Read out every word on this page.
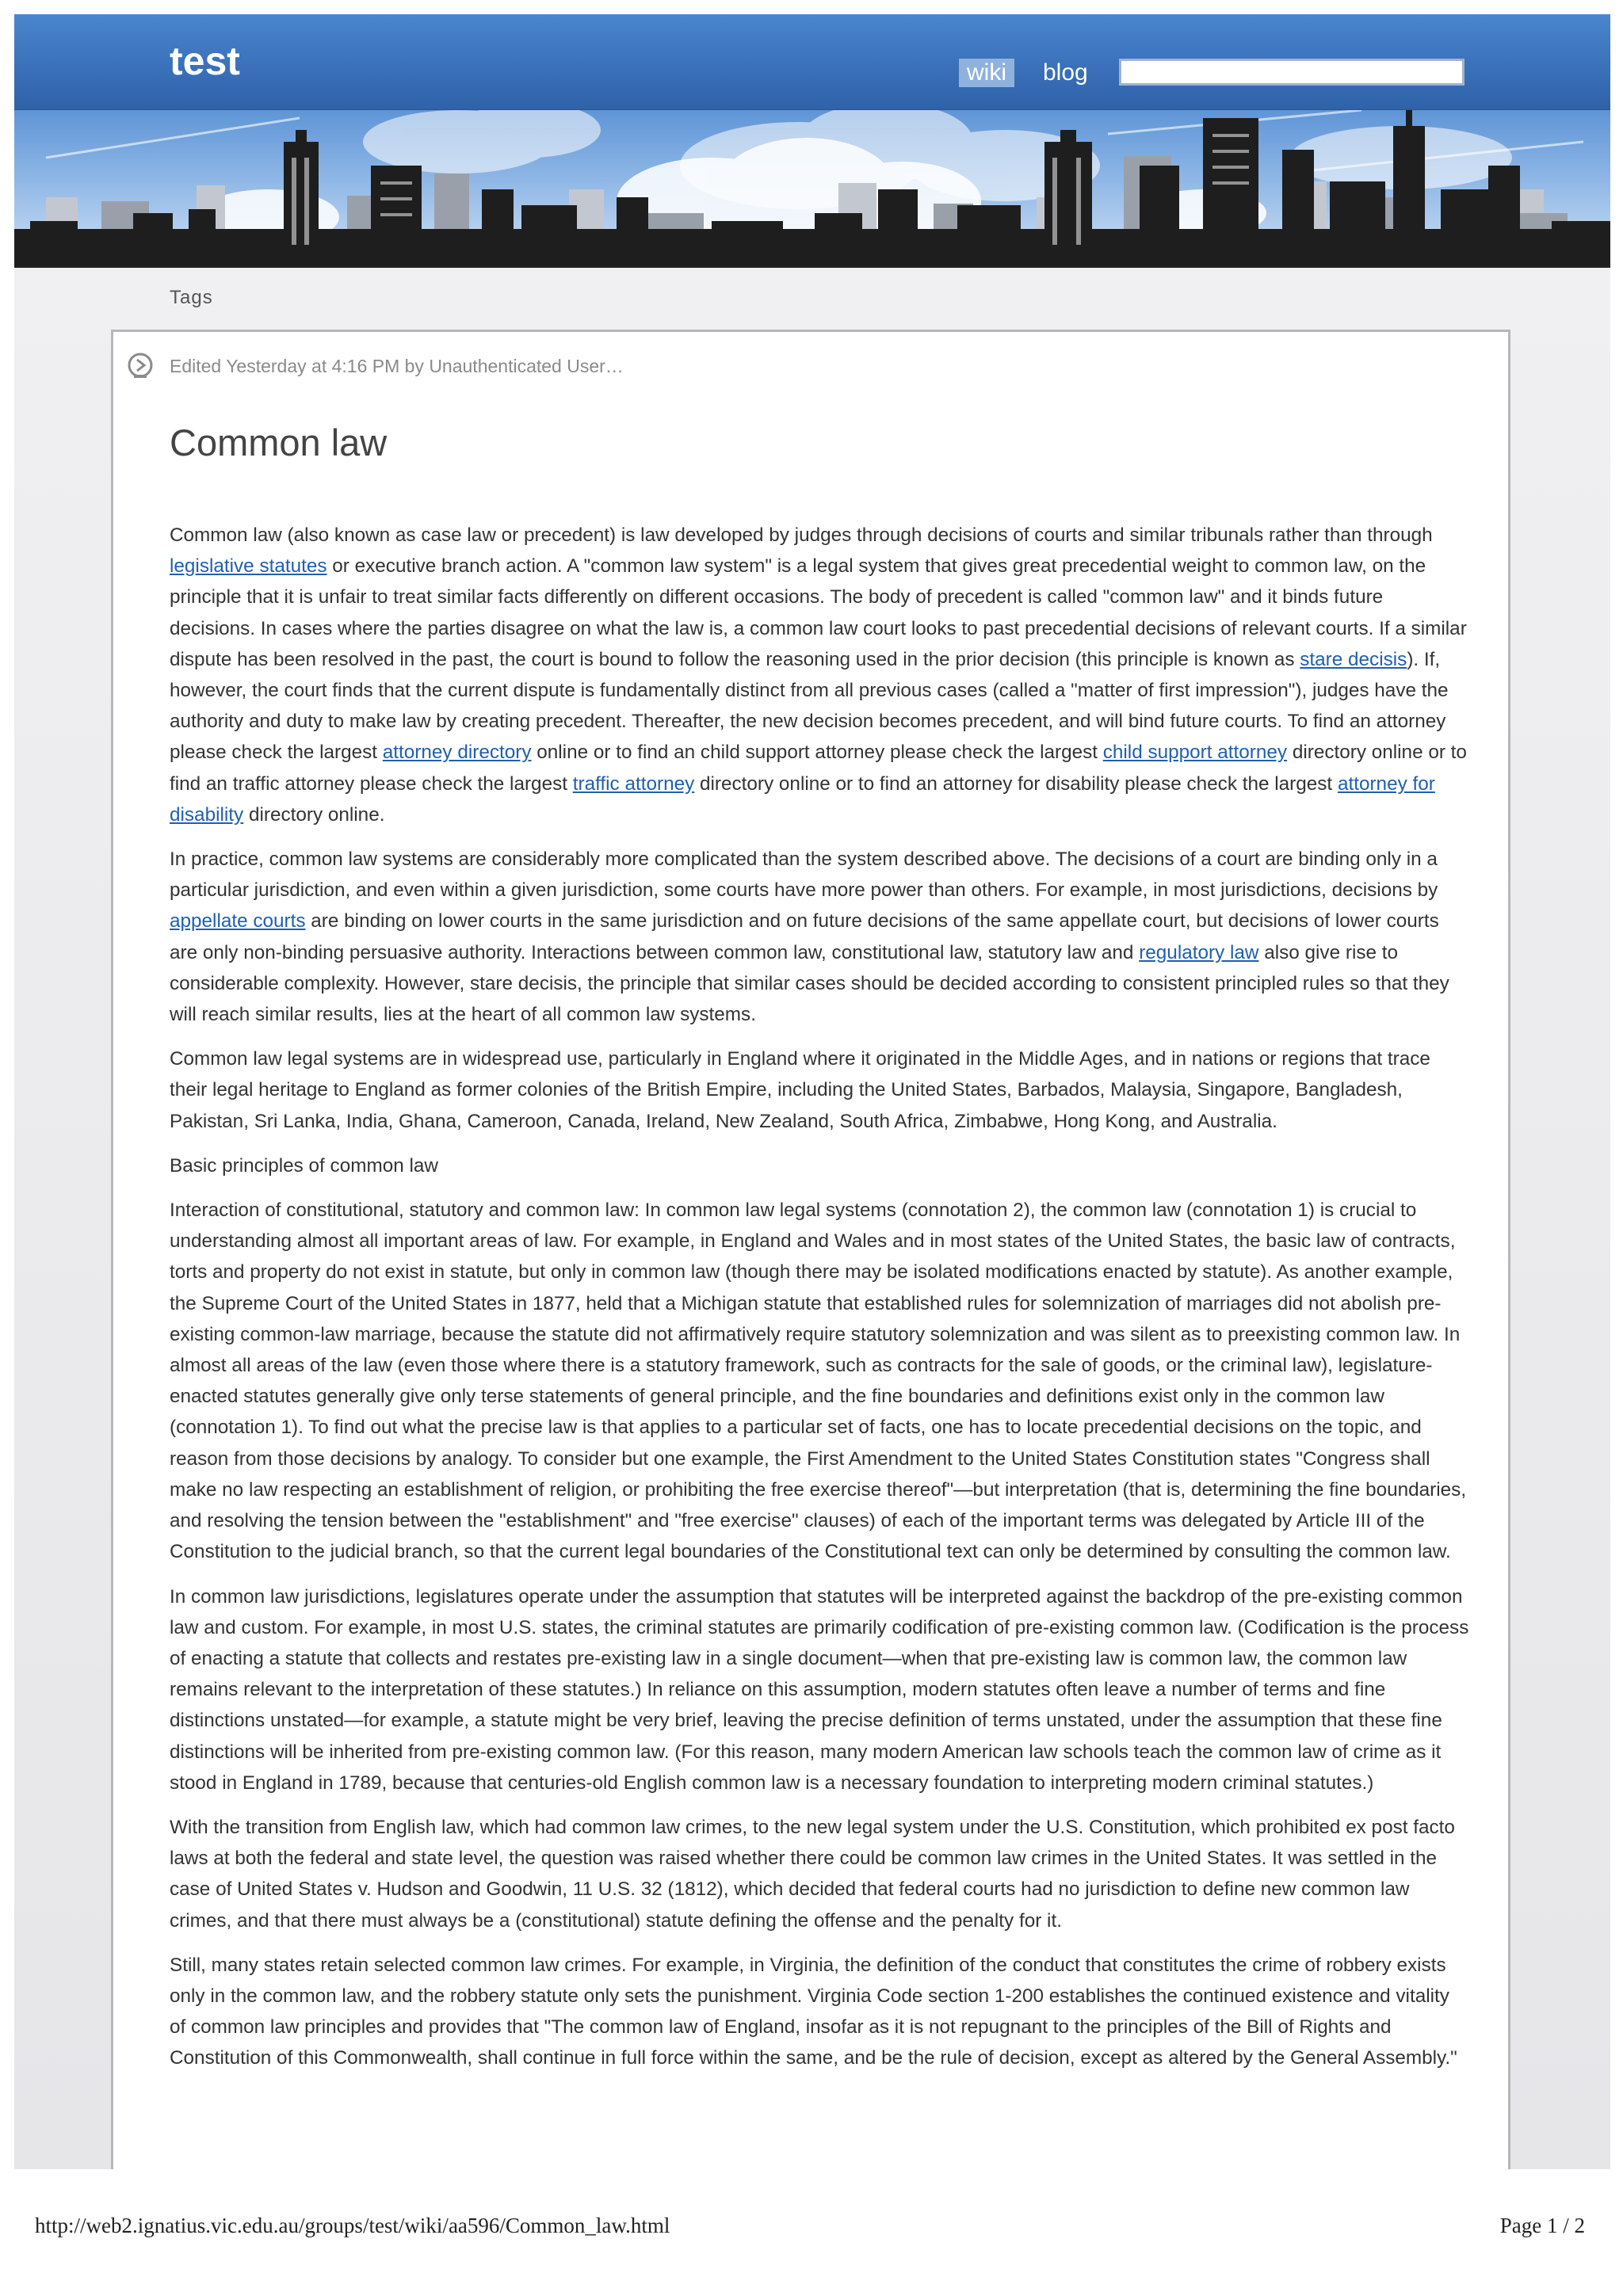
test	wiki	blog
Tags
Edited Yesterday at 4:16 PM by Unauthenticated User…
Common law

Common law (also known as case law or precedent) is law developed by judges through decisions of courts and similar tribunals rather than through legislative statutes or executive branch action. A "common law system" is a legal system that gives great precedential weight to common law, on the principle that it is unfair to treat similar facts differently on different occasions. The body of precedent is called "common law" and it binds future decisions. In cases where the parties disagree on what the law is, a common law court looks to past precedential decisions of relevant courts. If a similar dispute has been resolved in the past, the court is bound to follow the reasoning used in the prior decision (this principle is known as stare decisis). If, however, the court finds that the current dispute is fundamentally distinct from all previous cases (called a "matter of first impression"), judges have the authority and duty to make law by creating precedent. Thereafter, the new decision becomes precedent, and will bind future courts. To find an attorney please check the largest attorney directory online or to find an child support attorney please check the largest child support attorney directory online or to find an traffic attorney please check the largest traffic attorney directory online or to find an attorney for disability please check the largest attorney for disability directory online.

In practice, common law systems are considerably more complicated than the system described above. The decisions of a court are binding only in a particular jurisdiction, and even within a given jurisdiction, some courts have more power than others. For example, in most jurisdictions, decisions by appellate courts are binding on lower courts in the same jurisdiction and on future decisions of the same appellate court, but decisions of lower courts are only non-binding persuasive authority. Interactions between common law, constitutional law, statutory law and regulatory law also give rise to considerable complexity. However, stare decisis, the principle that similar cases should be decided according to consistent principled rules so that they will reach similar results, lies at the heart of all common law systems.

Common law legal systems are in widespread use, particularly in England where it originated in the Middle Ages, and in nations or regions that trace their legal heritage to England as former colonies of the British Empire, including the United States, Barbados, Malaysia, Singapore, Bangladesh, Pakistan, Sri Lanka, India, Ghana, Cameroon, Canada, Ireland, New Zealand, South Africa, Zimbabwe, Hong Kong, and Australia.

Basic principles of common law

Interaction of constitutional, statutory and common law: In common law legal systems (connotation 2), the common law (connotation 1) is crucial to understanding almost all important areas of law. For example, in England and Wales and in most states of the United States, the basic law of contracts, torts and property do not exist in statute, but only in common law (though there may be isolated modifications enacted by statute). As another example, the Supreme Court of the United States in 1877, held that a Michigan statute that established rules for solemnization of marriages did not abolish pre-existing common-law marriage, because the statute did not affirmatively require statutory solemnization and was silent as to preexisting common law. In almost all areas of the law (even those where there is a statutory framework, such as contracts for the sale of goods, or the criminal law), legislature-enacted statutes generally give only terse statements of general principle, and the fine boundaries and definitions exist only in the common law (connotation 1). To find out what the precise law is that applies to a particular set of facts, one has to locate precedential decisions on the topic, and reason from those decisions by analogy. To consider but one example, the First Amendment to the United States Constitution states "Congress shall make no law respecting an establishment of religion, or prohibiting the free exercise thereof"—but interpretation (that is, determining the fine boundaries, and resolving the tension between the "establishment" and "free exercise" clauses) of each of the important terms was delegated by Article III of the Constitution to the judicial branch, so that the current legal boundaries of the Constitutional text can only be determined by consulting the common law.

In common law jurisdictions, legislatures operate under the assumption that statutes will be interpreted against the backdrop of the pre-existing common law and custom. For example, in most U.S. states, the criminal statutes are primarily codification of pre-existing common law. (Codification is the process of enacting a statute that collects and restates pre-existing law in a single document—when that pre-existing law is common law, the common law remains relevant to the interpretation of these statutes.) In reliance on this assumption, modern statutes often leave a number of terms and fine distinctions unstated—for example, a statute might be very brief, leaving the precise definition of terms unstated, under the assumption that these fine distinctions will be inherited from pre-existing common law. (For this reason, many modern American law schools teach the common law of crime as it stood in England in 1789, because that centuries-old English common law is a necessary foundation to interpreting modern criminal statutes.)

With the transition from English law, which had common law crimes, to the new legal system under the U.S. Constitution, which prohibited ex post facto laws at both the federal and state level, the question was raised whether there could be common law crimes in the United States. It was settled in the case of United States v. Hudson and Goodwin, 11 U.S. 32 (1812), which decided that federal courts had no jurisdiction to define new common law crimes, and that there must always be a (constitutional) statute defining the offense and the penalty for it.

Still, many states retain selected common law crimes. For example, in Virginia, the definition of the conduct that constitutes the crime of robbery exists only in the common law, and the robbery statute only sets the punishment. Virginia Code section 1-200 establishes the continued existence and vitality of common law principles and provides that "The common law of England, insofar as it is not repugnant to the principles of the Bill of Rights and Constitution of this Commonwealth, shall continue in full force within the same, and be the rule of decision, except as altered by the General Assembly."

http://web2.ignatius.vic.edu.au/groups/test/wiki/aa596/Common_law.html	Page 1 / 2
